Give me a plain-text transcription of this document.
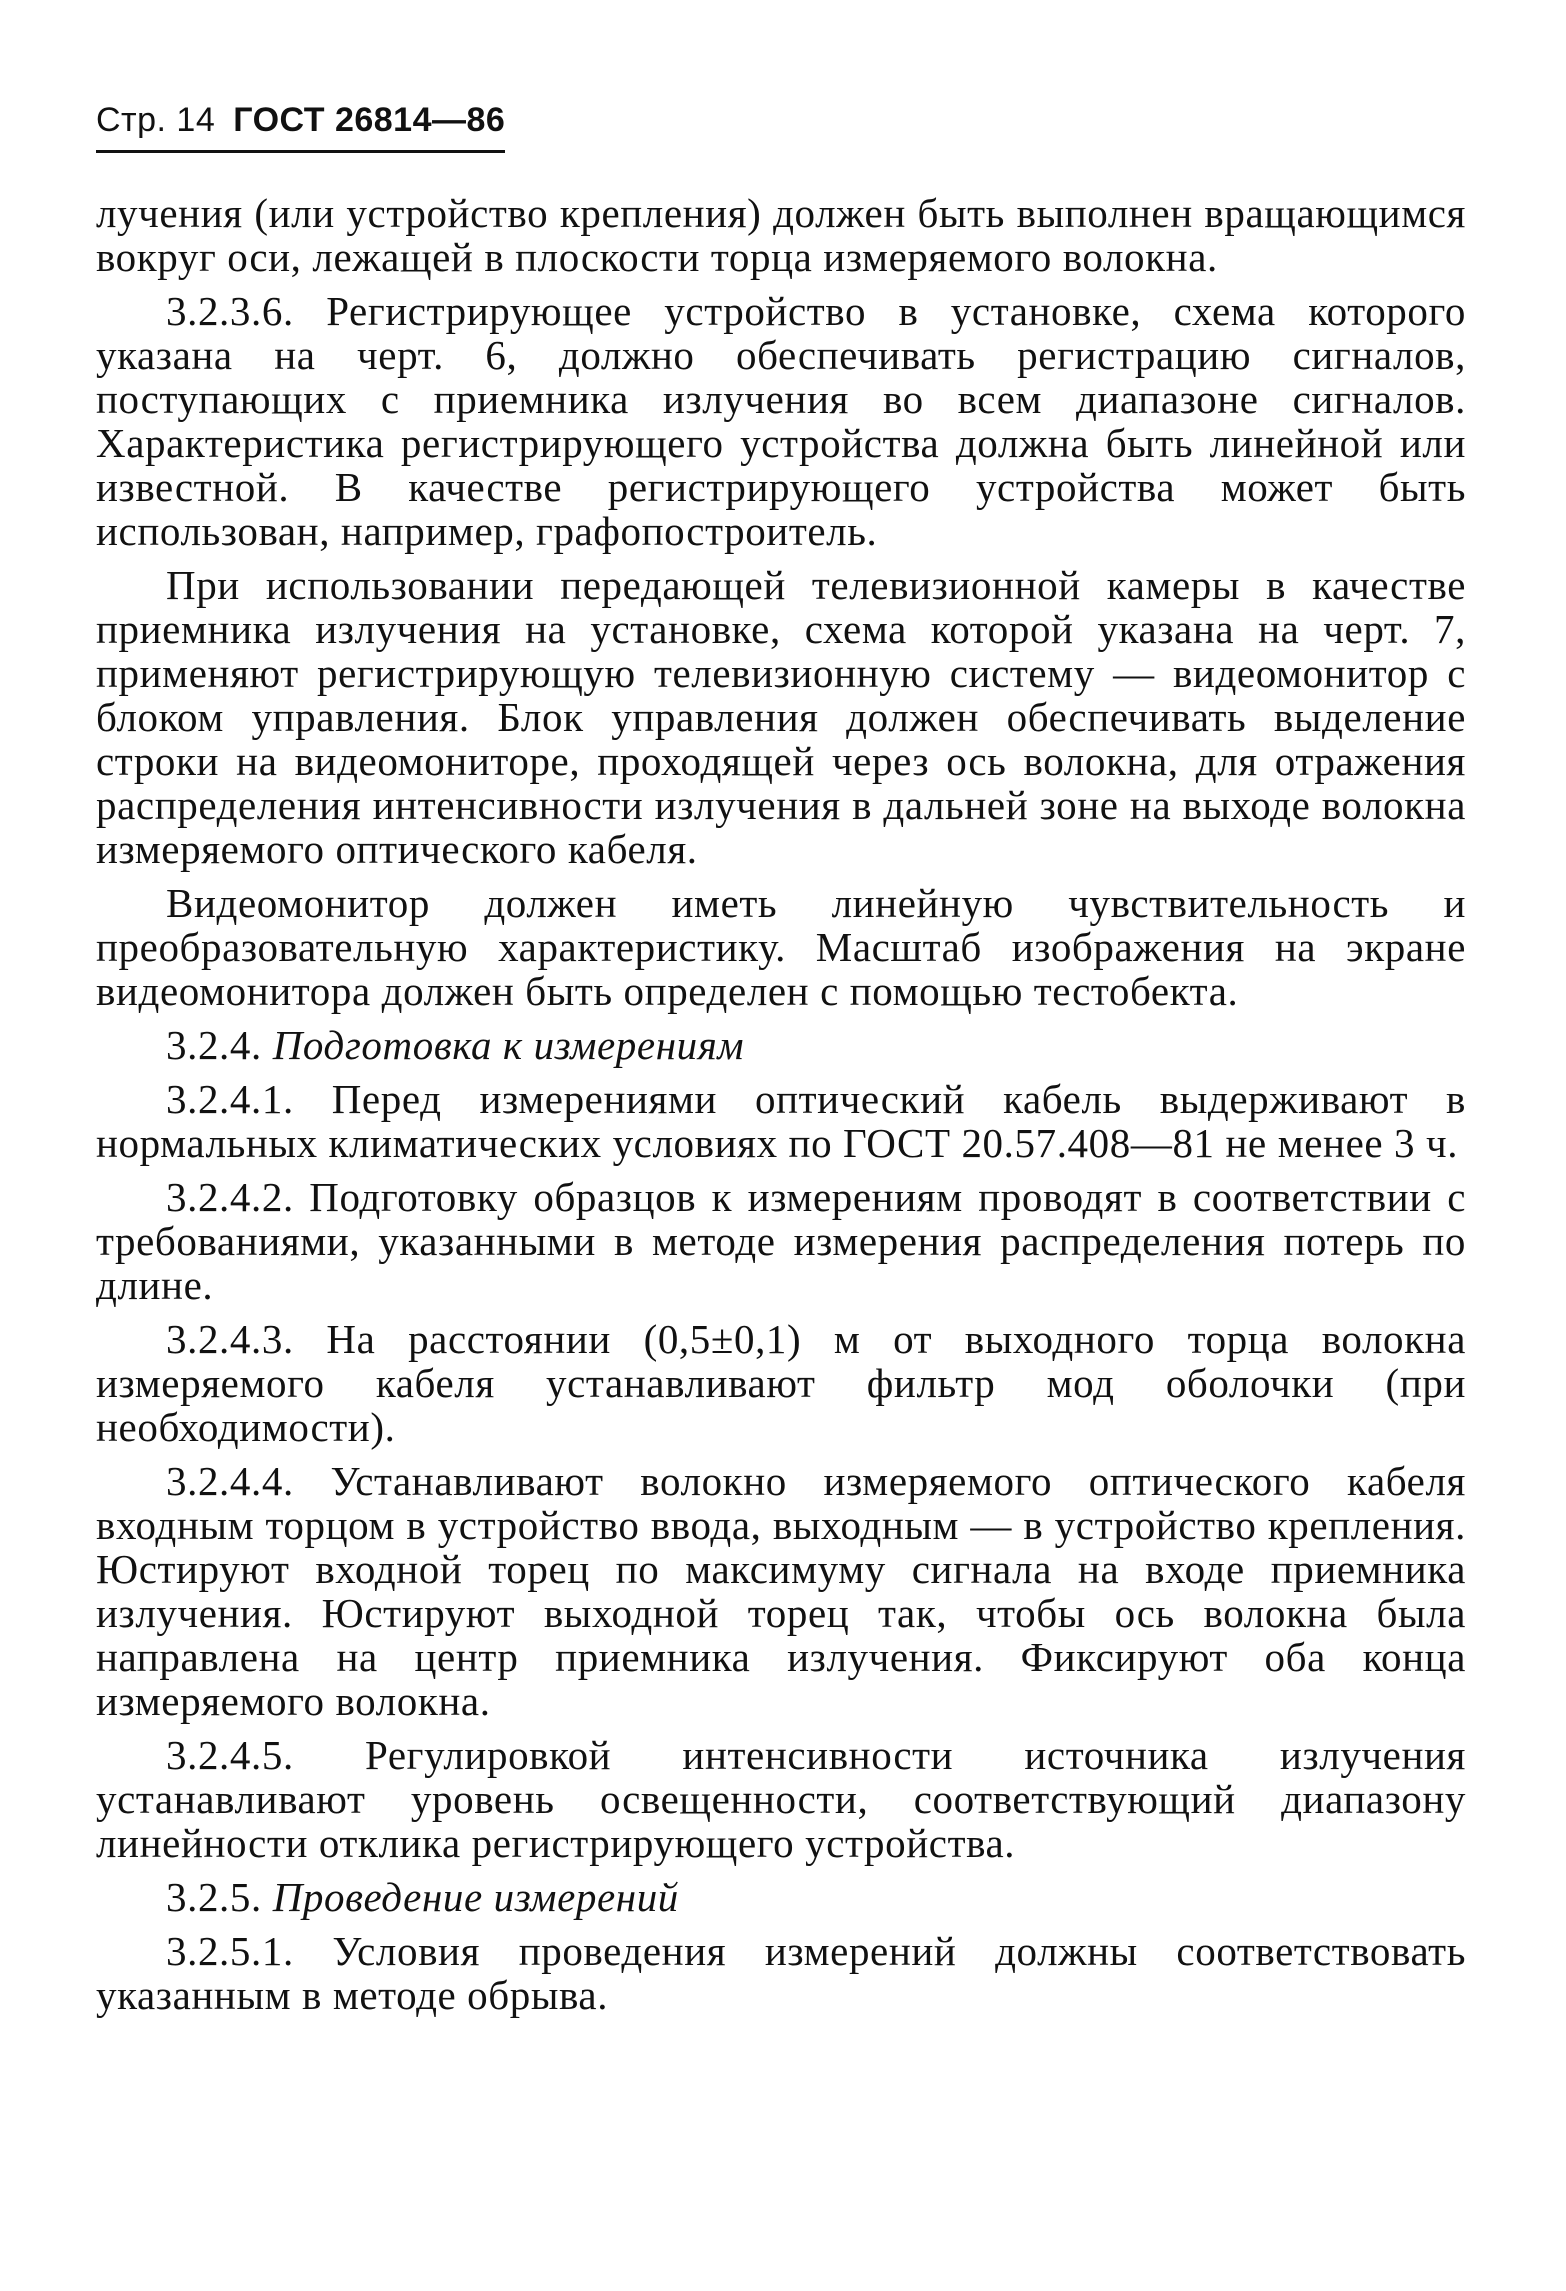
Стр. 14 ГОСТ 26814—86

лучения (или устройство крепления) должен быть выполнен вращающимся вокруг оси, лежащей в плоскости торца измеряемого волокна.

3.2.3.6. Регистрирующее устройство в установке, схема которого указана на черт. 6, должно обеспечивать регистрацию сигналов, поступающих с приемника излучения во всем диапазоне сигналов. Характеристика регистрирующего устройства должна быть линейной или известной. В качестве регистрирующего устройства может быть использован, например, графопостроитель.

При использовании передающей телевизионной камеры в качестве приемника излучения на установке, схема которой указана на черт. 7, применяют регистрирующую телевизионную систему — видеомонитор с блоком управления. Блок управления должен обеспечивать выделение строки на видеомониторе, проходящей через ось волокна, для отражения распределения интенсивности излучения в дальней зоне на выходе волокна измеряемого оптического кабеля.

Видеомонитор должен иметь линейную чувствительность и преобразовательную характеристику. Масштаб изображения на экране видеомонитора должен быть определен с помощью тестобекта.

3.2.4. Подготовка к измерениям

3.2.4.1. Перед измерениями оптический кабель выдерживают в нормальных климатических условиях по ГОСТ 20.57.408—81 не менее 3 ч.

3.2.4.2. Подготовку образцов к измерениям проводят в соответствии с требованиями, указанными в методе измерения распределения потерь по длине.

3.2.4.3. На расстоянии (0,5±0,1) м от выходного торца волокна измеряемого кабеля устанавливают фильтр мод оболочки (при необходимости).

3.2.4.4. Устанавливают волокно измеряемого оптического кабеля входным торцом в устройство ввода, выходным — в устройство крепления. Юстируют входной торец по максимуму сигнала на входе приемника излучения. Юстируют выходной торец так, чтобы ось волокна была направлена на центр приемника излучения. Фиксируют оба конца измеряемого волокна.

3.2.4.5. Регулировкой интенсивности источника излучения устанавливают уровень освещенности, соответствующий диапазону линейности отклика регистрирующего устройства.

3.2.5. Проведение измерений

3.2.5.1. Условия проведения измерений должны соответствовать указанным в методе обрыва.
